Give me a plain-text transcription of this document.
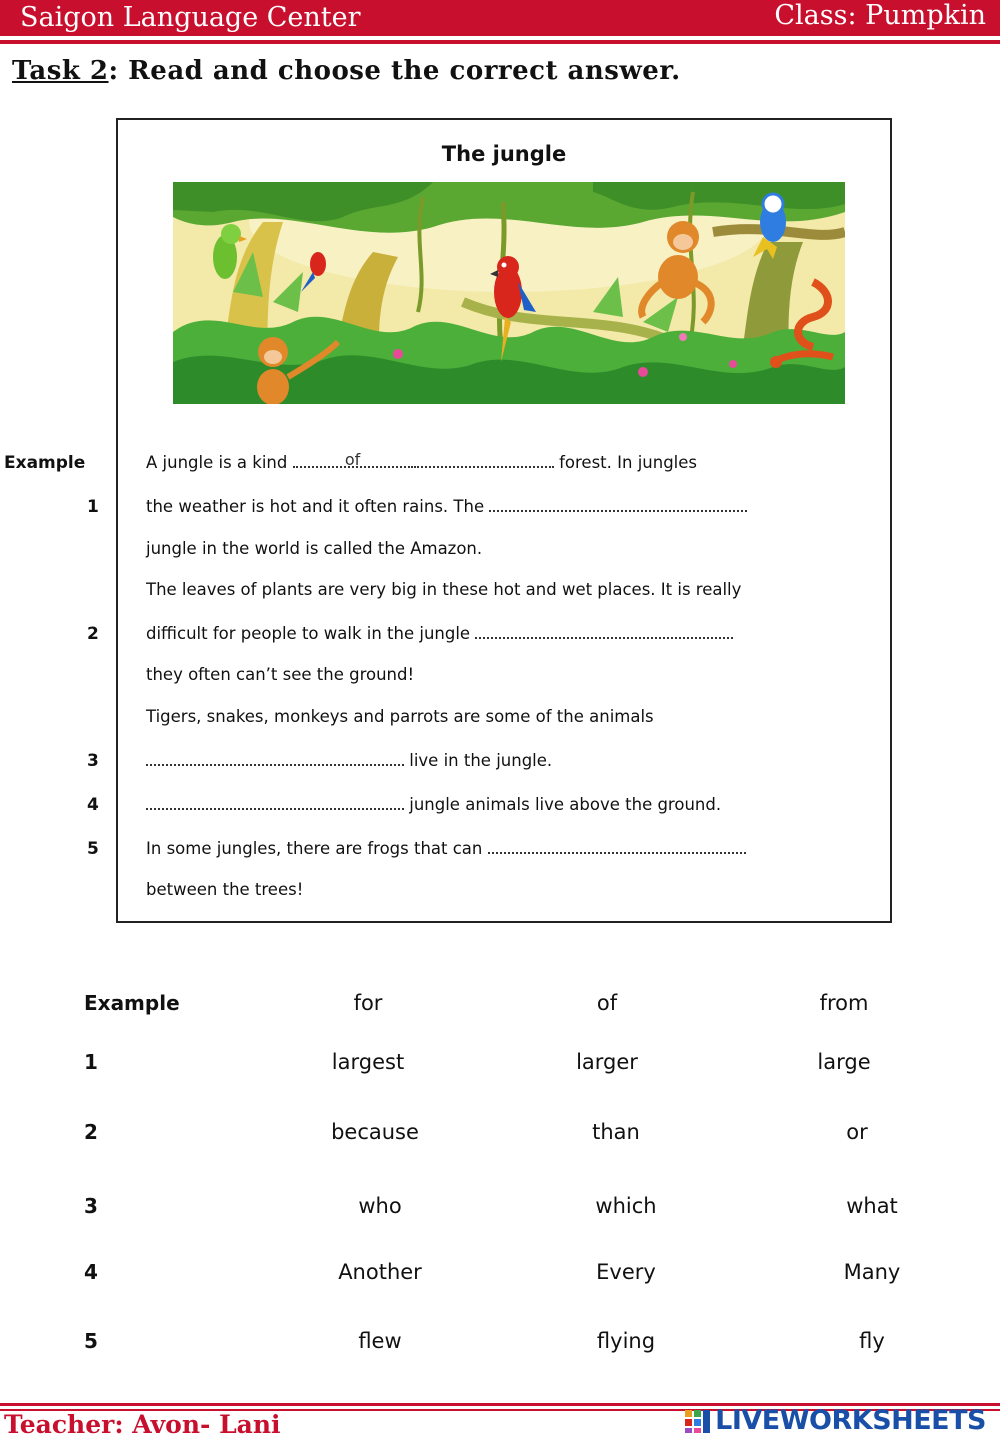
Saigon Language Center	Class: Pumpkin
Task 2: Read and choose the correct answer.
The jungle
Example
1
2
3
4
5
A jungle is a kind	of	forest. In jungles
the weather is hot and it often rains. The
jungle in the world is called the Amazon.
The leaves of plants are very big in these hot and wet places. It is really
difficult for people to walk in the jungle
they often can’t see the ground!
Tigers, snakes, monkeys and parrots are some of the animals
live in the jungle.
jungle animals live above the ground.
In some jungles, there are frogs that can
between the trees!
Example	for	of	from
1	largest	larger	large
2	because	than	or
3	who	which	what
4	Another	Every	Many
5	flew	flying	fly
Teacher: Avon- Lani	LIVEWORKSHEETS
